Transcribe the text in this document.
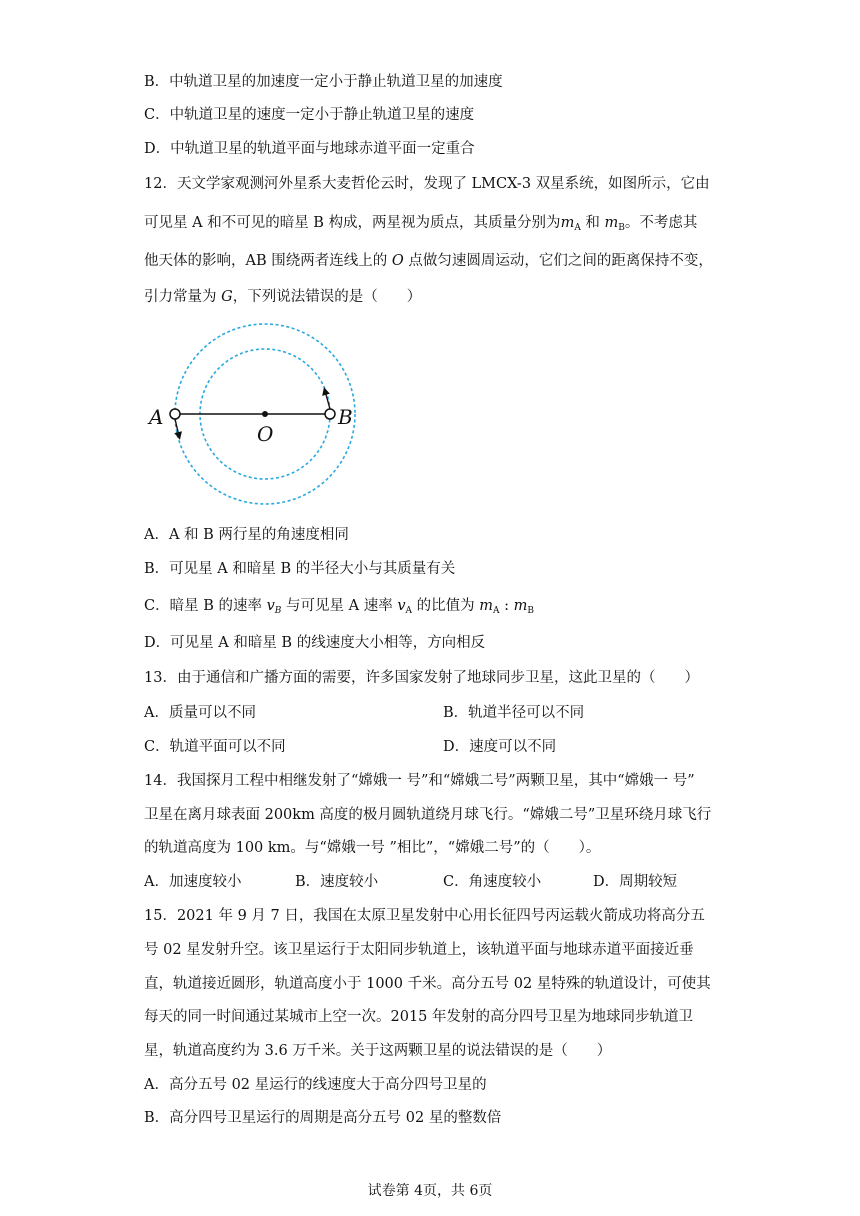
B．中轨道卫星的加速度一定小于静止轨道卫星的加速度
C．中轨道卫星的速度一定小于静止轨道卫星的速度
D．中轨道卫星的轨道平面与地球赤道平面一定重合
12．天文学家观测河外星系大麦哲伦云时，发现了 LMCX-3 双星系统，如图所示，它由
可见星 A 和不可见的暗星 B 构成，两星视为质点，其质量分别为$m_A$ 和 $m_B$。不考虑其
他天体的影响，AB 围绕两者连线上的 O 点做匀速圆周运动，它们之间的距离保持不变，
引力常量为 G，下列说法错误的是（　　）
A	B
O
A．A 和 B 两行星的角速度相同
B．可见星 A 和暗星 B 的半径大小与其质量有关
C．暗星 B 的速率 $v_B$ 与可见星 A 速率 $v_A$ 的比值为 $m_A$ : $m_B$
D．可见星 A 和暗星 B 的线速度大小相等，方向相反
13．由于通信和广播方面的需要，许多国家发射了地球同步卫星，这此卫星的（　　）
A．质量可以不同	B．轨道半径可以不同
C．轨道平面可以不同	D．速度可以不同
14．我国探月工程中相继发射了“嫦娥一 号”和“嫦娥二号”两颗卫星，其中“嫦娥一 号”
卫星在离月球表面 200km 高度的极月圆轨道绕月球飞行。“嫦娥二号”卫星环绕月球飞行
的轨道高度为 100 km。与“嫦娥一号 ”相比”，“嫦娥二号”的（　　）。
A．加速度较小	B．速度较小	C．角速度较小	D．周期较短
15．2021 年 9 月 7 日，我国在太原卫星发射中心用长征四号丙运载火箭成功将高分五
号 02 星发射升空。该卫星运行于太阳同步轨道上，该轨道平面与地球赤道平面接近垂
直，轨道接近圆形，轨道高度小于 1000 千米。高分五号 02 星特殊的轨道设计，可使其
每天的同一时间通过某城市上空一次。2015 年发射的高分四号卫星为地球同步轨道卫
星，轨道高度约为 3.6 万千米。关于这两颗卫星的说法错误的是（　　）
A．高分五号 02 星运行的线速度大于高分四号卫星的
B．高分四号卫星运行的周期是高分五号 02 星的整数倍
试卷第 4页，共 6页
